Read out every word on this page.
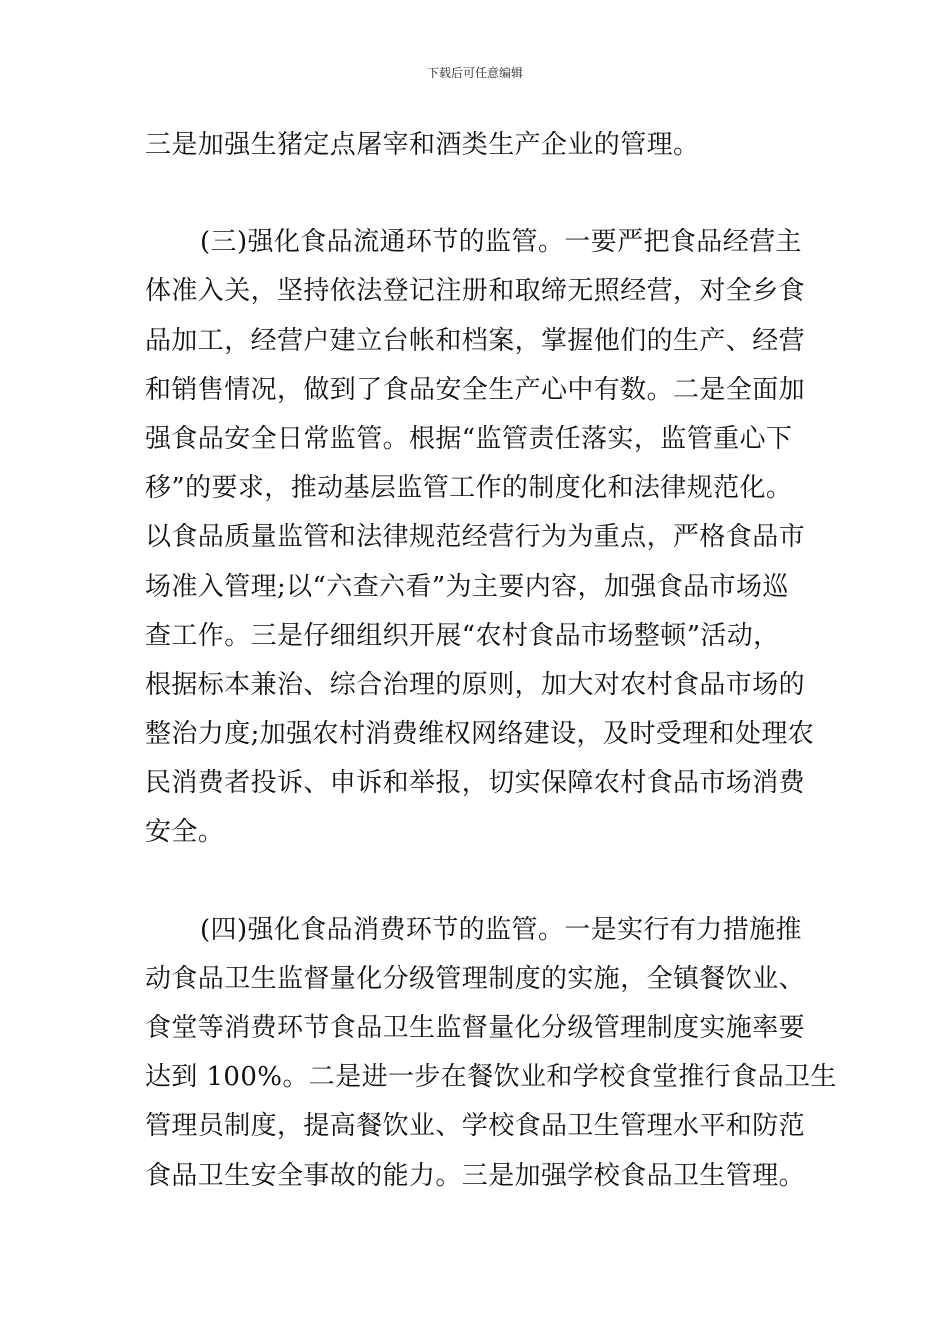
下载后可任意编辑
三是加强生猪定点屠宰和酒类生产企业的管理。
(三)强化食品流通环节的监管。一要严把食品经营主
体准入关，坚持依法登记注册和取缔无照经营，对全乡食
品加工，经营户建立台帐和档案，掌握他们的生产、经营
和销售情况，做到了食品安全生产心中有数。二是全面加
强食品安全日常监管。根据“监管责任落实，监管重心下
移”的要求，推动基层监管工作的制度化和法律规范化。
以食品质量监管和法律规范经营行为为重点，严格食品市
场准入管理;以“六查六看”为主要内容，加强食品市场巡
查工作。三是仔细组织开展“农村食品市场整顿”活动，
根据标本兼治、综合治理的原则，加大对农村食品市场的
整治力度;加强农村消费维权网络建设，及时受理和处理农
民消费者投诉、申诉和举报，切实保障农村食品市场消费
安全。
(四)强化食品消费环节的监管。一是实行有力措施推
动食品卫生监督量化分级管理制度的实施，全镇餐饮业、
食堂等消费环节食品卫生监督量化分级管理制度实施率要
达到 100%。二是进一步在餐饮业和学校食堂推行食品卫生
管理员制度，提高餐饮业、学校食品卫生管理水平和防范
食品卫生安全事故的能力。三是加强学校食品卫生管理。
